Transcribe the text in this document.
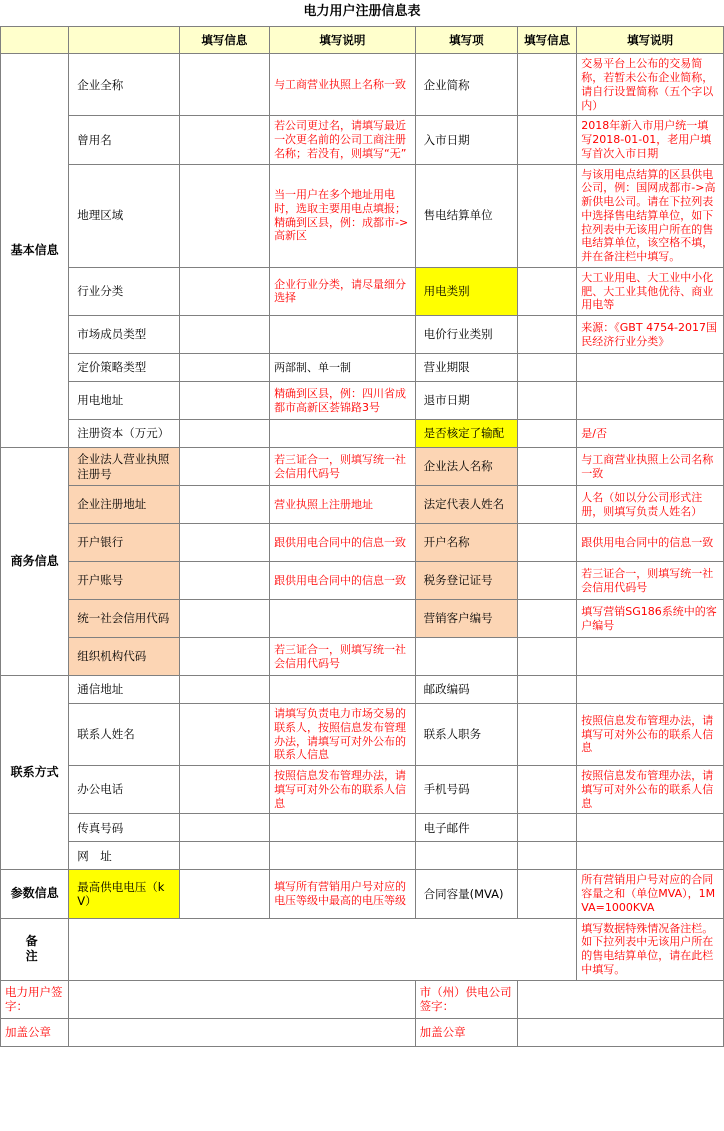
电力用户注册信息表						
		填写信息	填写说明	填写项	填写信息	填写说明
基本信息	企业全称		与工商营业执照上名称一致	企业简称		交易平台上公布的交易简称，若暂未公布企业简称，请自行设置简称（五个字以内）
	曾用名		若公司更过名，请填写最近一次更名前的公司工商注册名称；若没有，则填写“无”	入市日期		2018年新入市用户统一填写2018-01-01，老用户填写首次入市日期
	地理区域		当一用户在多个地址用电时，选取主要用电点填报；精确到区县，例：成都市->高新区	售电结算单位		与该用电点结算的区县供电公司，例：国网成都市->高新供电公司。请在下拉列表中选择售电结算单位，如下拉列表中无该用户所在的售电结算单位，该空格不填，并在备注栏中填写。
	行业分类		企业行业分类，请尽量细分选择	用电类别		大工业用电、大工业中小化肥、大工业其他优待、商业用电等
	市场成员类型			电价行业类别		来源：《GBT 4754-2017国民经济行业分类》
	定价策略类型		两部制、单一制	营业期限		
	用电地址		精确到区县，例：四川省成都市高新区荟锦路3号	退市日期		
	注册资本（万元）			是否核定了输配		是/否
商务信息	企业法人营业执照注册号		若三证合一，则填写统一社会信用代码号	企业法人名称		与工商营业执照上公司名称一致
	企业注册地址		营业执照上注册地址	法定代表人姓名		人名（如以分公司形式注册，则填写负责人姓名）
	开户银行		跟供用电合同中的信息一致	开户名称		跟供用电合同中的信息一致
	开户账号		跟供用电合同中的信息一致	税务登记证号		若三证合一，则填写统一社会信用代码号
	统一社会信用代码			营销客户编号		填写营销SG186系统中的客户编号
	组织机构代码		若三证合一，则填写统一社会信用代码号			
联系方式	通信地址			邮政编码		
	联系人姓名		请填写负责电力市场交易的联系人，按照信息发布管理办法，请填写可对外公布的联系人信息	联系人职务		按照信息发布管理办法，请填写可对外公布的联系人信息
	办公电话		按照信息发布管理办法，请填写可对外公布的联系人信息	手机号码		按照信息发布管理办法，请填写可对外公布的联系人信息
	传真号码			电子邮件		
	网　址					
参数信息	最高供电电压（kV）		填写所有营销用户号对应的电压等级中最高的电压等级	合同容量(MVA)		所有营销用户号对应的合同容量之和（单位MVA），1MVA=1000KVA
备　　注						填写数据特殊情况备注栏。如下拉列表中无该用户所在的售电结算单位，请在此栏中填写。
电力用户签字：				市（州）供电公司签字：		
加盖公章				加盖公章		
